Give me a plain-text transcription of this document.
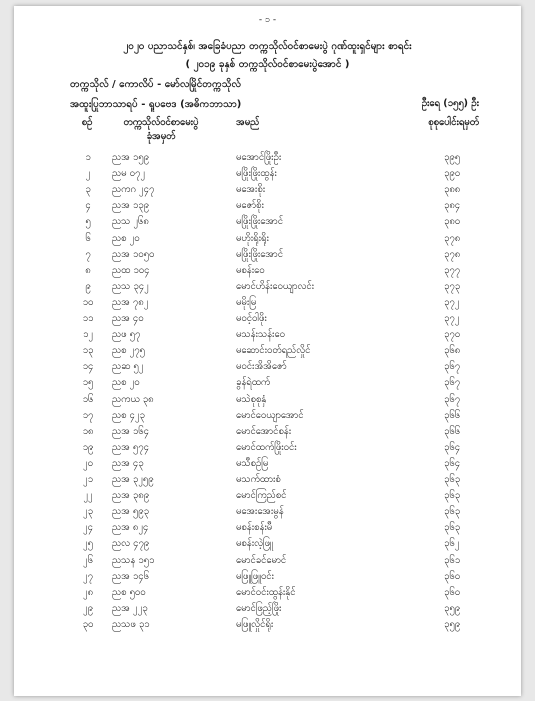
- ၁ -
၂၀၂၀ ပညာသင်နှစ်၊ အခြေခံပညာ တက္ကသိုလ်ဝင်စာမေးပွဲ ဂုဏ်ထူးရှင်များ စာရင်း
( ၂၀၁၉ ခုနှစ် တက္ကသိုလ်ဝင်စာမေးပွဲအောင် )
တက္ကသိုလ် / ကောလိပ် - မော်လမြိုင်တက္ကသိုလ်
အထူးပြုဘာသာရပ် - ရူပဗေဒ (အဓိကဘာသာ)	ဦးရေ (၁၅၅) ဦး
စဉ်	တက္ကသိုလ်ဝင်စာမေးပွဲ
ခုံအမှတ်
အမည်	စုစုပေါင်းရမှတ်
၁	ညအ ၁၅၉	မအောင်ဖြိုးဦး	၃၉၅
၂	ညမ ၀၇၂	မဖြိုးဖြိုးထွန်း	၃၉၀
၃	ညကဂ ၂၄၇	မအေးစိုး	၃၈၈
၄	ညအ ၁၃၉	မဇော်စိုး	၃၈၄
၅	ညသ ၂၆၈	မဖြိုးဖြိုးအောင်	၃၈၀
၆	ညစ ၂၀	မဟိုးရိုးရိုး	၃၇၈
၇	ညအ ၁၀၅၀	မဖြိုးဖြိုးအောင်	၃၇၈
၈	ညထ ၁၀၄	မစန်းဝေ	၃၇၇
၉	ညသ ၃၄၂	မောင်ဟိန်းဝေယျာလင်း	၃၇၃
၁၀	ညအ ၇၈၂	မမိုးမြ	၃၇၂
၁၁	ညအ ၄၀	မဝင့်ဝါဖိုး	၃၇၂
၁၂	ညဖ ၅၇	မသန်းသန်းဝေ	၃၇၀
၁၃	ညစ ၂၇၅	မဆောင်းဝတ်ရည်လှိုင်	၃၆၈
၁၄	ညဆ ၅၂	မဝင်းအိအိဇော်	၃၆၇
၁၅	ညစ ၂၀	ခွန်ရဲထက်	၃၆၇
၁၆	ညကယ ၃၈	မသဲစုစုနှံ	၃၆၇
၁၇	ညစ ၄၂၃	မောင်ဝေယျာအောင်	၃၆၆
၁၈	ညအ ၁၆၄	မောင်အောင်စန်း	၃၆၆
၁၉	ညအ ၅၇၄	မောင်ထက်ဖြိုးဝင်း	၃၆၄
၂၀	ညအ ၄၃	မသီစဉ်မြ	၃၆၄
၂၁	ညအ ၃၂၅၉	မသက်ထားစံ	၃၆၃
၂၂	ညအ ၃၈၉	မောင်ကြည်စင်	၃၆၃
၂၃	ညအ ၅၉၃	မအေးအေးမွန်	၃၆၃
၂၄	ညအ ၈၂၄	မစန်းစန်းမီ	၃၆၃
၂၅	ညလ ၄၇၉	မစန်းလဲ့ဖြူ	၃၆၂
၂၆	ညသန ၁၅၁	မောင်ခင်မောင်	၃၆၁
၂၇	ညအ ၁၄၆	မဖြူဖြူဝင်း	၃၆၀
၂၈	ညစ ၅၀၀	မောင်ဝင်းထွန်းနိုင်	၃၆၀
၂၉	ညအ ၂၂၃	မောင်ဖြည့်ဖြိုး	၃၅၉
၃၀	ညသဖ ၃၁	မဖြူလှိုင်ရိုး	၃၅၉
